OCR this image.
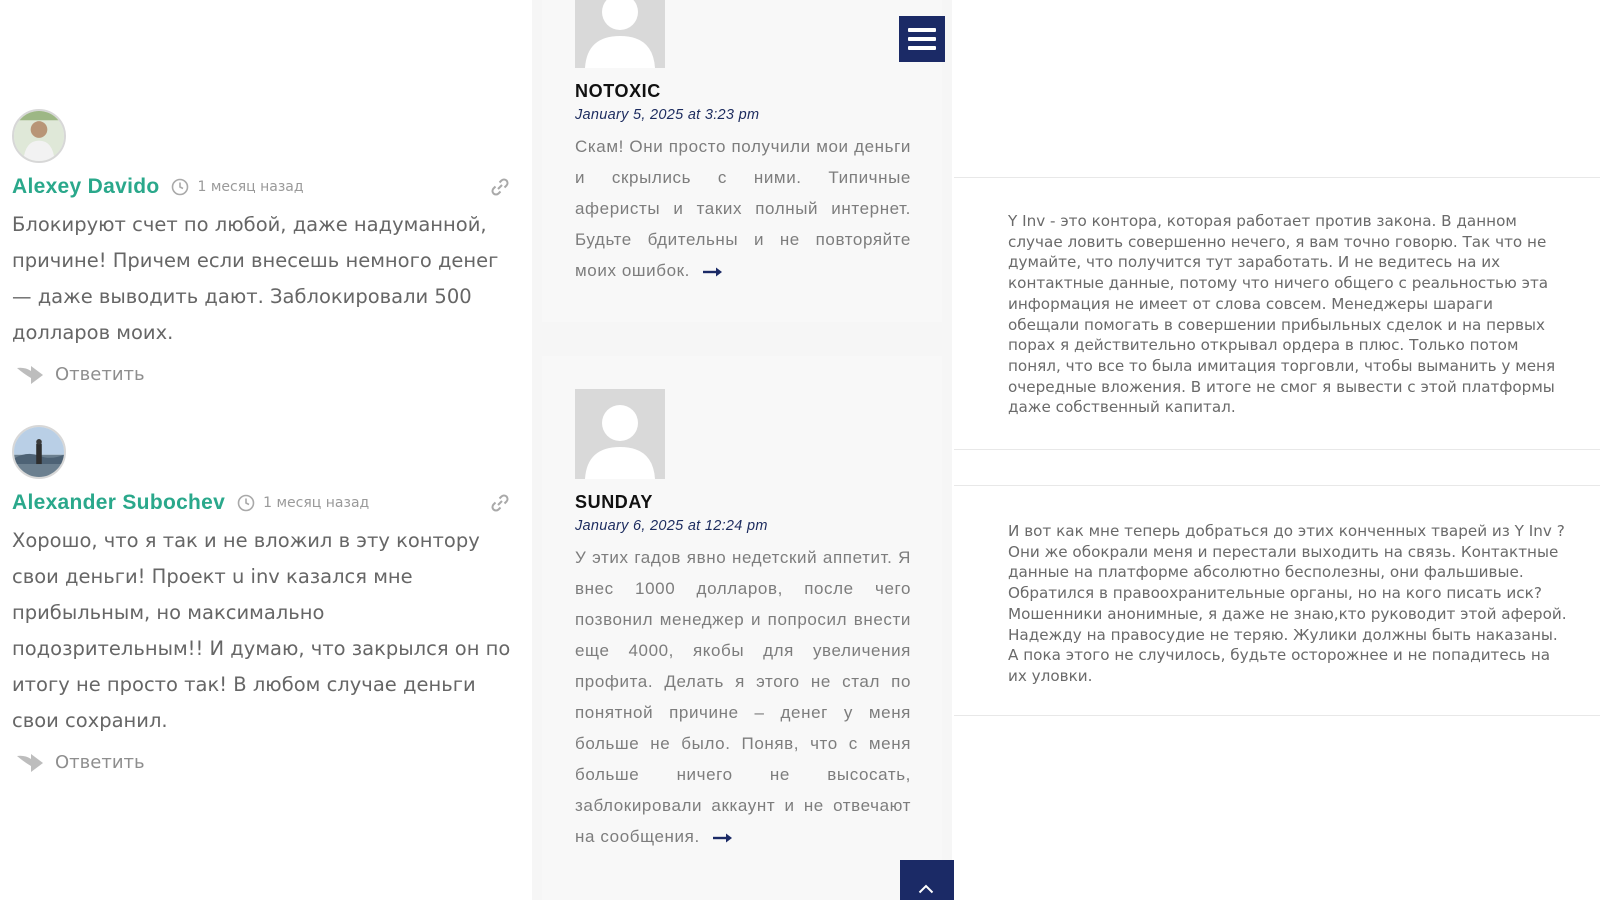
Alexey Davido	1 месяц назад
Блокируют счет по любой, даже надуманной, причине! Причем если внесешь немного денег — даже выводить дают. Заблокировали 500 долларов моих.
Ответить
Alexander Subochev	1 месяц назад
Хорошо, что я так и не вложил в эту контору свои деньги! Проект u inv казался мне прибыльным, но максимально подозрительным!! И думаю, что закрылся он по итогу не просто так! В любом случае деньги свои сохранил.
Ответить
NOTOXIC
January 5, 2025 at 3:23 pm
Скам! Они просто получили мои деньги и скрылись с ними. Типичные аферисты и таких полный интернет. Будьте бдительны и не повторяйте моих ошибок.
SUNDAY
January 6, 2025 at 12:24 pm
У этих гадов явно недетский аппетит. Я внес 1000 долларов, после чего позвонил менеджер и попросил внести еще 4000, якобы для увеличения профита. Делать я этого не стал по понятной причине – денег у меня больше не было. Поняв, что с меня больше ничего не высосать, заблокировали аккаунт и не отвечают на сообщения.
Y Inv - это контора, которая работает против закона. В данном случае ловить совершенно нечего, я вам точно говорю. Так что не думайте, что получится тут заработать. И не ведитесь на их контактные данные, потому что ничего общего с реальностью эта информация не имеет от слова совсем. Менеджеры шараги обещали помогать в совершении прибыльных сделок и на первых порах я действительно открывал ордера в плюс. Только потом понял, что все то была имитация торговли, чтобы выманить у меня очередные вложения. В итоге не смог я вывести с этой платформы даже собственный капитал.
И вот как мне теперь добраться до этих конченных тварей из Y Inv ? Они же обокрали меня и перестали выходить на связь. Контактные данные на платформе абсолютно бесполезны, они фальшивые. Обратился в правоохранительные органы, но на кого писать иск? Мошенники анонимные, я даже не знаю,кто руководит этой аферой. Надежду на правосудие не теряю. Жулики должны быть наказаны. А пока этого не случилось, будьте осторожнее и не попадитесь на их уловки.
